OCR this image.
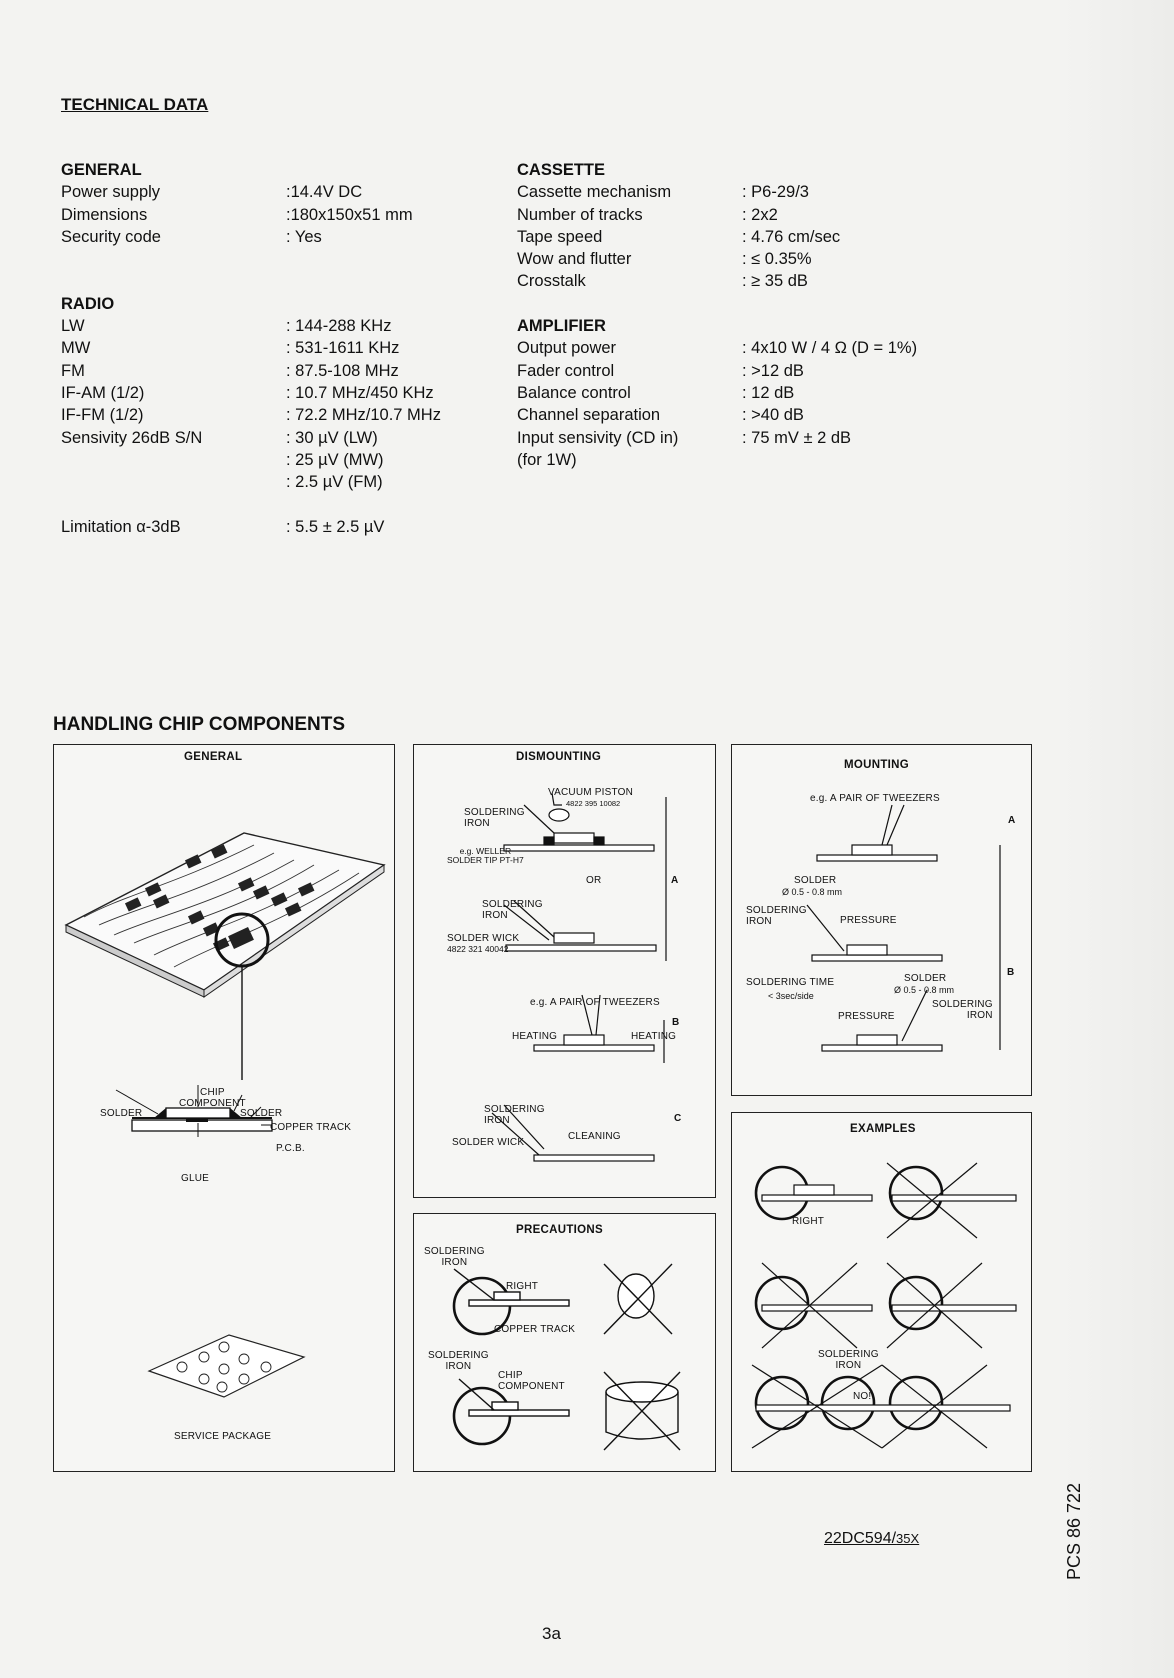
TECHNICAL DATA
GENERAL
Power supply	:14.4V DC
Dimensions	:180x150x51 mm
Security code	: Yes
RADIO
LW	: 144-288 KHz
MW	: 531-1611 KHz
FM	: 87.5-108 MHz
IF-AM (1/2)	: 10.7 MHz/450 KHz
IF-FM (1/2)	: 72.2 MHz/10.7 MHz
Sensivity 26dB S/N	: 30 µV (LW)
: 25 µV (MW)
: 2.5 µV (FM)
Limitation α-3dB	: 5.5 ± 2.5 µV
CASSETTE
Cassette mechanism	: P6-29/3
Number of tracks	: 2x2
Tape speed	: 4.76 cm/sec
Wow and flutter	: ≤ 0.35%
Crosstalk	: ≥ 35 dB
AMPLIFIER
Output power	: 4x10 W / 4 Ω (D = 1%)
Fader control	: >12 dB
Balance control	: 12 dB
Channel separation	: >40 dB
Input sensivity (CD in)	: 75 mV ± 2 dB
(for 1W)
HANDLING CHIP COMPONENTS
GENERAL
CHIP
COMPONENT
SOLDER	SOLDER
COPPER TRACK
P.C.B.
GLUE
SERVICE PACKAGE
DISMOUNTING
VACUUM PISTON
4822 395 10082
SOLDERING
IRON
e.g. WELLER
SOLDER TIP PT-H7
OR	A
SOLDERING
IRON
SOLDER WICK
4822 321 40042
e.g. A PAIR OF TWEEZERS
B
HEATING	HEATING
SOLDERING
IRON	C
SOLDER WICK
CLEANING
PRECAUTIONS
SOLDERING
IRON
RIGHT
COPPER TRACK
SOLDERING
IRON
CHIP
COMPONENT
MOUNTING
e.g. A PAIR OF TWEEZERS
A
SOLDER
Ø 0.5 - 0.8 mm
SOLDERING
IRON	PRESSURE
SOLDERING TIME
< 3sec/side
SOLDER
Ø 0.5 - 0.8 mm
B
SOLDERING
IRON
PRESSURE
EXAMPLES
RIGHT
SOLDERING
IRON
NO!
22DC594/35X
3a
PCS 86 722
